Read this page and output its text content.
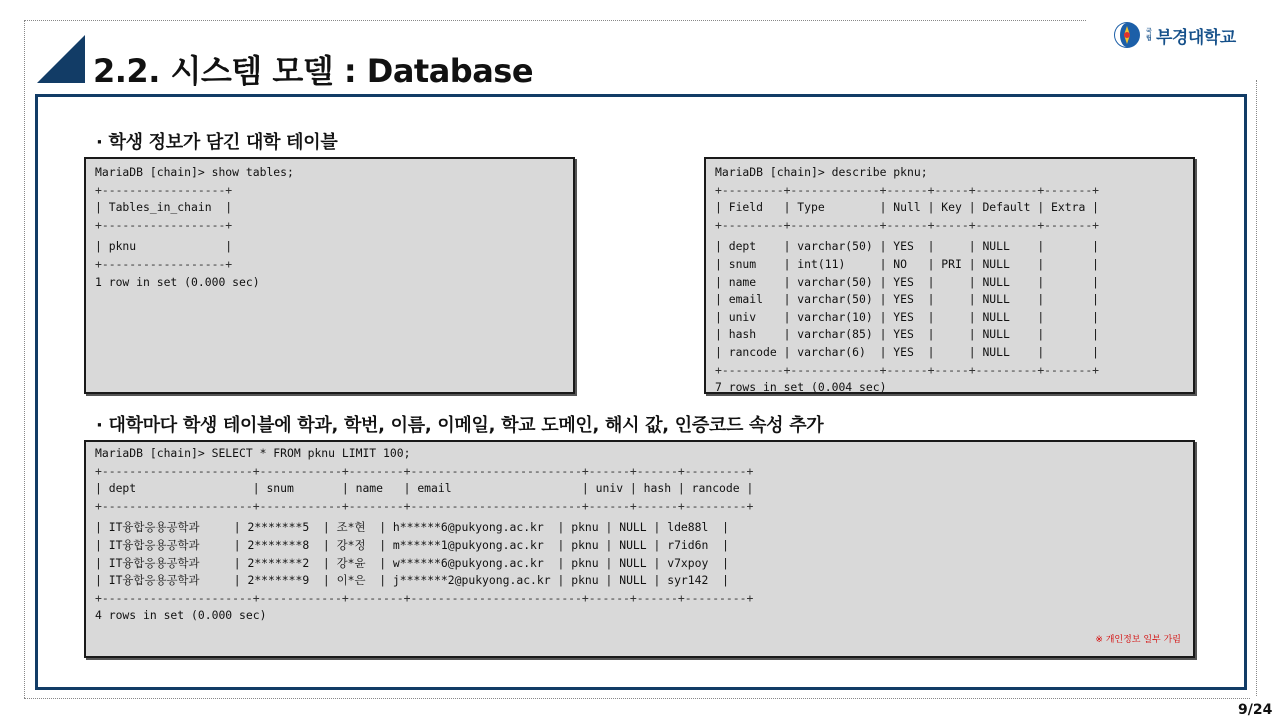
2.2. 시스템 모델 : Database
국립 부경대학교
· 학생 정보가 담긴 대학 테이블
MariaDB [chain]> show tables;
+------------------+
| Tables_in_chain  |
+------------------+
| pknu             |
+------------------+
1 row in set (0.000 sec)
MariaDB [chain]> describe pknu;
+---------+-------------+------+-----+---------+-------+
| Field   | Type        | Null | Key | Default | Extra |
+---------+-------------+------+-----+---------+-------+
| dept    | varchar(50) | YES  |     | NULL    |       |
| snum    | int(11)     | NO   | PRI | NULL    |       |
| name    | varchar(50) | YES  |     | NULL    |       |
| email   | varchar(50) | YES  |     | NULL    |       |
| univ    | varchar(10) | YES  |     | NULL    |       |
| hash    | varchar(85) | YES  |     | NULL    |       |
| rancode | varchar(6)  | YES  |     | NULL    |       |
+---------+-------------+------+-----+---------+-------+
7 rows in set (0.004 sec)
· 대학마다 학생 테이블에 학과, 학번, 이름, 이메일, 학교 도메인, 해시 값, 인증코드 속성 추가
MariaDB [chain]> SELECT * FROM pknu LIMIT 100;
+----------------------+------------+--------+-------------------------+------+------+---------+
| dept                 | snum       | name   | email                   | univ | hash | rancode |
+----------------------+------------+--------+-------------------------+------+------+---------+
| IT융합응용공학과     | 2*******5  | 조*현  | h******6@pukyong.ac.kr  | pknu | NULL | lde88l  |
| IT융합응용공학과     | 2*******8  | 강*정  | m******1@pukyong.ac.kr  | pknu | NULL | r7id6n  |
| IT융합응용공학과     | 2*******2  | 강*윤  | w******6@pukyong.ac.kr  | pknu | NULL | v7xpoy  |
| IT융합응용공학과     | 2*******9  | 이*은  | j*******2@pukyong.ac.kr | pknu | NULL | syr142  |
+----------------------+------------+--------+-------------------------+------+------+---------+
4 rows in set (0.000 sec)
※ 개인정보 일부 가림
9/24
